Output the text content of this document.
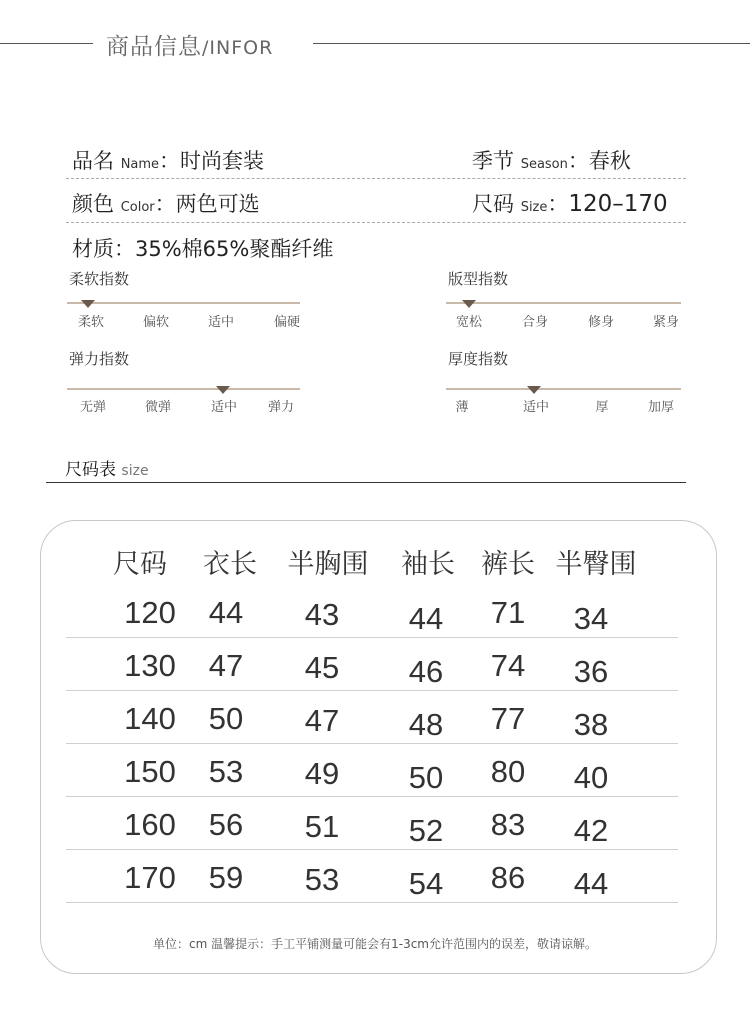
商品信息/INFOR
品名 Name：时尚套装	季节 Season：春秋
颜色 Color：两色可选	尺码 Size：120–170
材质：35%棉65%聚酯纤维
柔软指数
柔软	偏软	适中	偏硬
版型指数
宽松	合身	修身	紧身
弹力指数
无弹	微弹	适中 弹力
厚度指数
薄	适中	厚	加厚
尺码表 size
尺码 衣长 半胸围 袖长 裤长 半臀围
120 44 43 44 71 34
130 47 45 46 74 36
140 50 47 48 77 38
150 53 49 50 80 40
160 56 51 52 83 42
170 59 53 54 86 44
单位：cm 温馨提示：手工平铺测量可能会有1-3cm允许范围内的误差，敬请谅解。
